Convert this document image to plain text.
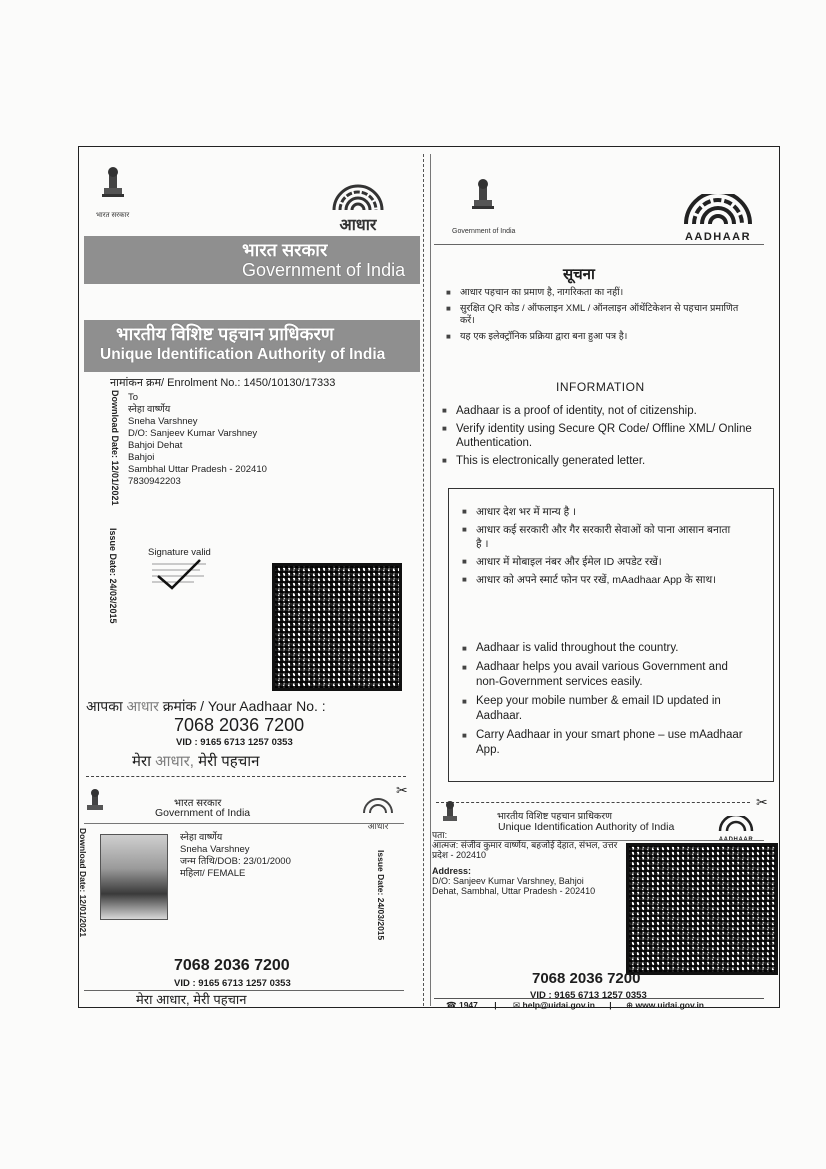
भारत सरकार
आधार
भारत सरकार
Government of India
भारतीय विशिष्ट पहचान प्राधिकरण
Unique Identification Authority of India
नामांकन क्रम/ Enrolment No.: 1450/10130/17333
Download Date: 12/01/2021
Issue Date: 24/03/2015
To
स्नेहा वार्ष्णेय
Sneha Varshney
D/O: Sanjeev Kumar Varshney
Bahjoi Dehat
Bahjoi
Sambhal Uttar Pradesh - 202410
7830942203
Signature valid
आपका आधार क्रमांक / Your Aadhaar No. :
7068 2036 7200
VID : 9165 6713 1257 0353
मेरा आधार, मेरी पहचान
Government of India	AADHAAR
सूचना
■ आधार पहचान का प्रमाण है, नागरिकता का नहीं।
■ सुरक्षित QR कोड / ऑफलाइन XML / ऑनलाइन ऑथेंटिकेशन से पहचान प्रमाणित करें।
■ यह एक इलेक्ट्रॉनिक प्रक्रिया द्वारा बना हुआ पत्र है।
INFORMATION
■ Aadhaar is a proof of identity, not of citizenship.
■ Verify identity using Secure QR Code/ Offline XML/ Online Authentication.
■ This is electronically generated letter.
■ आधार देश भर में मान्य है ।
■ आधार कई सरकारी और गैर सरकारी सेवाओं को पाना आसान बनाता है ।
■ आधार में मोबाइल नंबर और ईमेल ID अपडेट रखें।
■ आधार को अपने स्मार्ट फोन पर रखें, mAadhaar App के साथ।
■ Aadhaar is valid throughout the country.
■ Aadhaar helps you avail various Government and non-Government services easily.
■ Keep your mobile number & email ID updated in Aadhaar.
■ Carry Aadhaar in your smart phone – use mAadhaar App.
✂
✂
भारत सरकार
Government of India
आधार
Download Date: 12/01/2021	Issue Date: 24/03/2015
स्नेहा वार्ष्णेय
Sneha Varshney
जन्म तिथि/DOB: 23/01/2000
महिला/ FEMALE
7068 2036 7200
VID : 9165 6713 1257 0353
मेरा आधार, मेरी पहचान
भारतीय विशिष्ट पहचान प्राधिकरण
Unique Identification Authority of India
AADHAAR
पता:
आत्मज: संजीव कुमार वार्ष्णेय, बहजोई देहात, संभल, उत्तर प्रदेश - 202410
Address:
D/O: Sanjeev Kumar Varshney, Bahjoi Dehat, Sambhal, Uttar Pradesh - 202410
7068 2036 7200
VID : 9165 6713 1257 0353
☎ 1947 | ✉ help@uidai.gov.in | ⊕ www.uidai.gov.in
